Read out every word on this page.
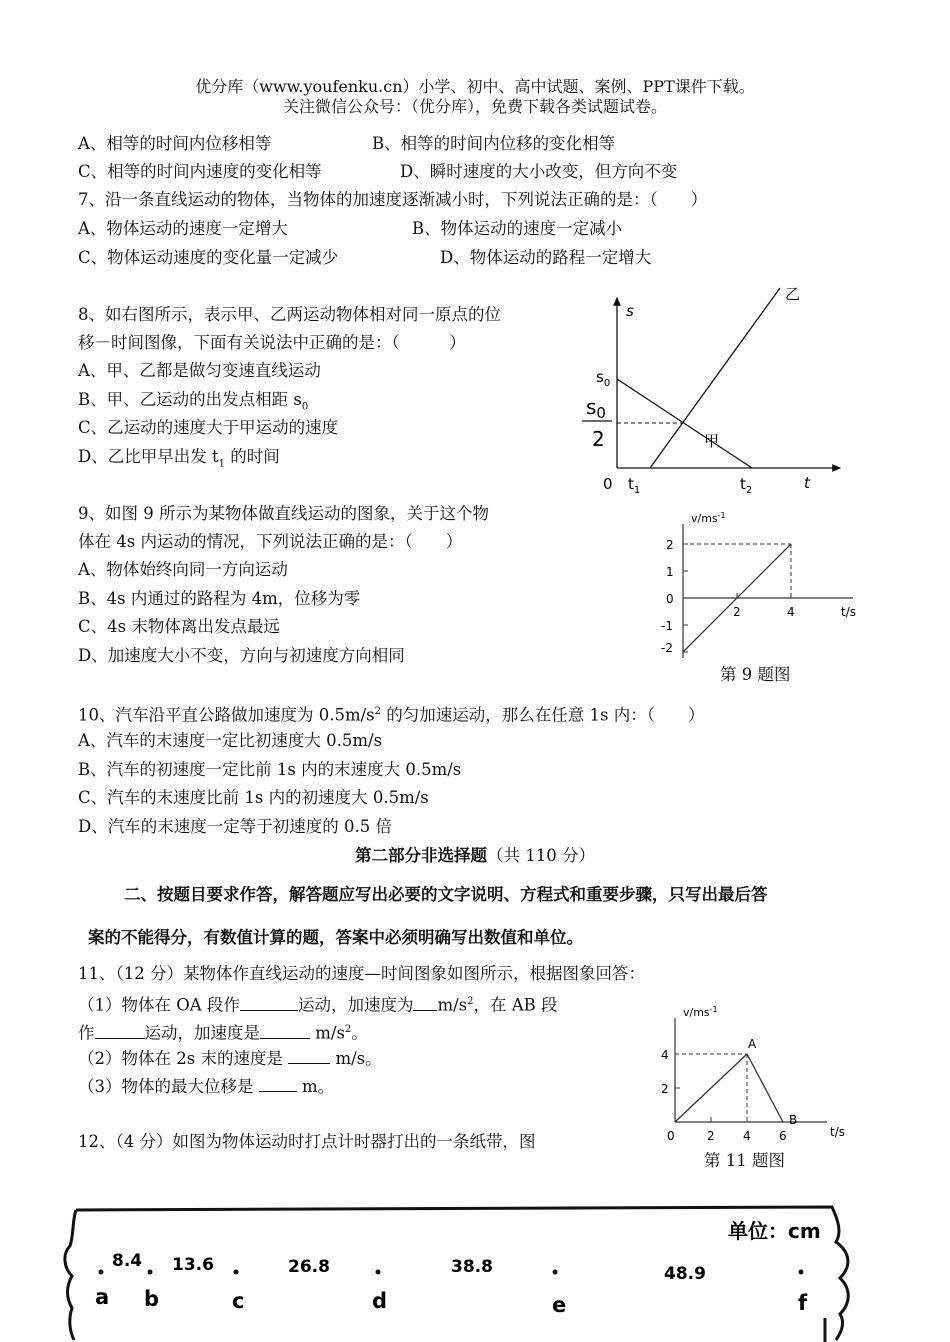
优分库（www.youfenku.cn）小学、初中、高中试题、案例、PPT课件下载。
关注微信公众号：（优分库），免费下载各类试题试卷。
A、相等的时间内位移相等	B、相等的时间内位移的变化相等
C、相等的时间内速度的变化相等	D、瞬时速度的大小改变，但方向不变
7、沿一条直线运动的物体，当物体的加速度逐渐减小时，下列说法正确的是：（　　）
A、物体运动的速度一定增大	B、物体运动的速度一定减小
C、物体运动速度的变化量一定减少	D、物体运动的路程一定增大
8、如右图所示，表示甲、乙两运动物体相对同一原点的位
移－时间图像，下面有关说法中正确的是：（　　　）
A、甲、乙都是做匀变速直线运动
B、甲、乙运动的出发点相距 $s_0$
C、乙运动的速度大于甲运动的速度
D、乙比甲早出发 $t_1$ 的时间
s
$s_0$
$s_0$
2
0 $t_1$	$t_2$	t
甲
乙
9、如图 9 所示为某物体做直线运动的图象，关于这个物
体在 4s 内运动的情况，下列说法正确的是：（　　）
A、物体始终向同一方向运动
B、4s 内通过的路程为 4m，位移为零
C、4s 末物体离出发点最远
D、加速度大小不变，方向与初速度方向相同
$v/ms^{-1}$
t/s
2
1
0
-1
-2
2	4
第 9 题图
10、汽车沿平直公路做加速度为 $0.5m/s^2$ 的匀加速运动，那么在任意 1s 内：（　　）
A、汽车的末速度一定比初速度大 0.5m/s
B、汽车的初速度一定比前 1s 内的末速度大 0.5m/s
C、汽车的末速度比前 1s 内的初速度大 0.5m/s
D、汽车的末速度一定等于初速度的 0.5 倍
第二部分非选择题（共 110 分）
二、按题目要求作答，解答题应写出必要的文字说明、方程式和重要步骤，只写出最后答
案的不能得分，有数值计算的题，答案中必须明确写出数值和单位。
11、（12 分）某物体作直线运动的速度—时间图象如图所示，根据图象回答：
（1）物体在 OA 段作	运动，加速度为 $m/s^2$，在 AB 段
作	运动，加速度是	$m/s^2$。
（2）物体在 2s 末的速度是	m/s。
（3）物体的最大位移是	m。
$v/ms^{-1}$
t/s
4
2
0	2 4 6
A
B
第 11 题图
12、（4 分）如图为物体运动时打点计时器打出的一条纸带，图
单位：cm
8.4 13.6	26.8	38.8	48.9
a b	c	d	e	f
